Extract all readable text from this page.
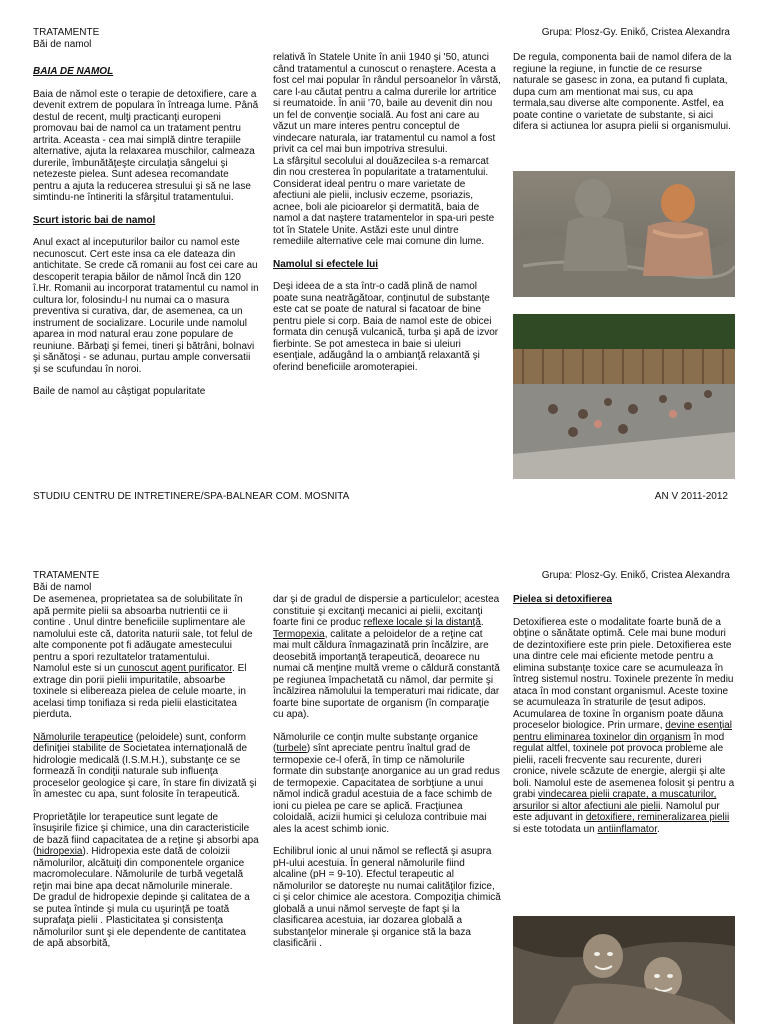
TRATAMENTE
Băi de namol
Grupa: Plosz-Gy. Enikő, Cristea Alexandra
BAIA DE NAMOL

Baia de nămol este o terapie de detoxifiere, care a devenit extrem de populara în întreaga lume. Până destul de recent, mulţi practicanţi europeni promovau bai de namol ca un tratament pentru artrita. Aceasta - cea mai simplă dintre terapiile alternative, ajuta la relaxarea muschilor, calmeaza durerile, îmbunătăţeşte circulaţia sângelui şi netezeste pielea. Sunt adesea recomandate pentru a ajuta la reducerea stresului şi să ne lase simtindu-ne întineriti la sfârşitul tratamentului.

Scurt istoric bai de namol

Anul exact al inceputurilor bailor cu namol este necunoscut. Cert este insa ca ele dateaza din antichitate. Se crede că romanii au fost cei care au descoperit terapia băilor de nămol încă din 120 î.Hr. Romanii au incorporat tratamentul cu namol in cultura lor, folosindu-l nu numai ca o masura preventiva si curativa, dar, de asemenea, ca un instrument de socializare. Locurile unde namolul aparea in mod natural erau zone populare de reuniune. Bărbaţi şi femei, tineri şi bătrâni, bolnavi şi sănătoşi - se adunau, purtau ample conversatii şi se scufundau în noroi.

Baile de namol au câştigat popularitate

relativă în Statele Unite în anii 1940 şi '50, atunci când tratamentul a cunoscut o renaştere. Acesta a fost cel mai popular în rândul persoanelor în vârstă, care l-au căutat pentru a calma durerile lor artritice si reumatoide. În anii '70, baile au devenit din nou un fel de convenţie socială. Au fost ani care au văzut un mare interes pentru conceptul de vindecare naturala, iar tratamentul cu namol a fost privit ca cel mai bun impotriva stresului.

La sfârşitul secolului al douăzecilea s-a remarcat din nou cresterea în popularitate a tratamentului. Considerat ideal pentru o mare varietate de afectiuni ale pielii, inclusiv eczeme, psoriazis, acnee, boli ale picioarelor şi dermatită, baia de namol a dat naştere tratamentelor in spa-uri peste tot în Statele Unite. Astăzi este unul dintre remediile alternative cele mai comune din lume.

Namolul si efectele lui

Deşi ideea de a sta într-o cadă plină de namol poate suna neatrăgătoar, conţinutul de substanţe este cat se poate de natural si facatoar de bine pentru piele si corp. Baia de namol este de obicei formata din cenuşă vulcanică, turba şi apă de izvor fierbinte. Se pot amesteca in baie si uleiuri esenţiale, adăugând la o ambianţă relaxantă şi oferind beneficiile aromoterapiei.

De regula, componenta baii de namol difera de la regiune la regiune, in functie de ce resurse naturale se gasesc in zona, ea putand fi cuplata, dupa cum am mentionat mai sus, cu apa termala,sau diverse alte componente. Astfel, ea poate contine o varietate de substante, si aici difera si actiunea lor asupra pielii si organismului.

STUDIU CENTRU DE INTRETINERE/SPA-BALNEAR COM. MOSNITA	AN V 2011-2012
TRATAMENTE
Băi de namol
Grupa: Plosz-Gy. Enikő, Cristea Alexandra

De asemenea, proprietatea sa de solubilitate în apă permite pielii sa absoarba nutrientii ce ii contine . Unul dintre beneficiile suplimentare ale namolului este că, datorita naturii sale, tot felul de alte componente pot fi adăugate amestecului pentru a spori rezultatelor tratamentului.

Namolul este si un cunoscut agent purificator. El extrage din porii pielii impuritatile, absoarbe toxinele si elibereaza pielea de celule moarte, in acelasi timp tonifiaza si reda pielii elasticitatea pierduta.

Nămolurile terapeutice (peloidele) sunt, conform definiţiei stabilite de Societatea internaţională de hidrologie medicală (I.S.M.H.), substanţe ce se formează în condiţii naturale sub influenţa proceselor geologice şi care, în stare fin divizată şi în amestec cu apa, sunt folosite în terapeutică.

Proprietăţile lor terapeutice sunt legate de însuşirile fizice şi chimice, una din caracteristicile de bază fiind capacitatea de a reţine şi absorbi apa (hidropexia). Hidropexia este dată de coloizii nămolurilor, alcătuiţi din componentele organice macromoleculare. Nămolurile de turbă vegetală reţin mai bine apa decat nămolurile minerale.

De gradul de hidropexie depinde şi calitatea de a se putea întinde şi mula cu uşurinţă pe toată suprafaţa pielii . Plasticitatea şi consistenţa nămolurilor sunt şi ele dependente de cantitatea de apă absorbită,

dar şi de gradul de dispersie a particulelor; acestea constituie şi excitanţi mecanici ai pielii, excitanţi foarte fini ce produc reflexe locale şi la distanţă.

Termopexia, calitate a peloidelor de a reţine cat mai mult căldura înmagazinată prin încălzire, are deosebită importanţă terapeutică, deoarece nu numai că menţine multă vreme o căldură constantă pe regiunea împachetată cu nămol, dar permite şi încălzirea nămolului la temperaturi mai ridicate, dar foarte bine suportate de organism (în comparaţie cu apa).

Nămolurile ce conţin multe substanţe organice (turbele) sînt apreciate pentru înaltul grad de termopexie ce-l oferă, în timp ce nămolurile formate din substanţe anorganice au un grad redus de termopexie. Capacitatea de sorbţiune a unui nămol indică gradul acestuia de a face schimb de ioni cu pielea pe care se aplică. Fracţiunea coloidală, acizii humici şi celuloza contribuie mai ales la acest schimb ionic.

Echilibrul ionic al unui nămol se reflectă şi asupra pH-ului acestuia. În general nămolurile fiind alcaline (pH = 9-10). Efectul terapeutic al nămolurilor se datoreşte nu numai calităţilor fizice, ci şi celor chimice ale acestora. Compoziţia chimică globală a unui nămol serveşte de fapt şi la clasificarea acestuia, iar dozarea globală a substanţelor minerale şi organice stă la baza clasificării .

Pielea si detoxifierea

Detoxifierea este o modalitate foarte bună de a obţine o sănătate optimă. Cele mai bune moduri de dezintoxifiere este prin piele. Detoxifierea este una dintre cele mai eficiente metode pentru a elimina substanţe toxice care se acumuleaza în întreg sistemul nostru. Toxinele prezente în mediu ataca în mod constant organismul. Aceste toxine se acumuleaza în straturile de ţesut adipos. Acumularea de toxine în organism poate dăuna proceselor biologice. Prin urmare, devine esenţial pentru eliminarea toxinelor din organism în mod regulat altfel, toxinele pot provoca probleme ale pielii, raceli frecvente sau recurente, dureri cronice, nivele scăzute de energie, alergii şi alte boli. Namolul este de asemenea folosit şi pentru a grabi vindecarea pielii crapate, a muscaturilor, arsurilor si altor afectiuni ale pielii. Namolul pur este adjuvant in detoxifiere, remineralizarea pielii si este totodata un antiinflamator.
